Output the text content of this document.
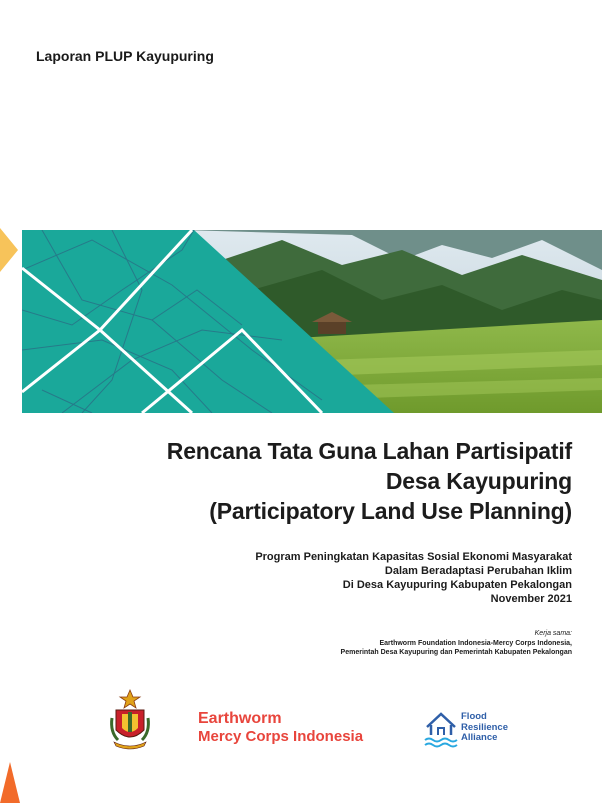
Laporan PLUP Kayupuring
Rencana Tata Guna Lahan Partisipatif
Desa Kayupuring
(Participatory Land Use Planning)
Program Peningkatan Kapasitas Sosial Ekonomi Masyarakat
Dalam Beradaptasi Perubahan Iklim
Di Desa Kayupuring Kabupaten Pekalongan
November 2021
Kerja sama:
Earthworm Foundation Indonesia-Mercy Corps Indonesia,
Pemerintah Desa Kayupuring dan Pemerintah Kabupaten Pekalongan
Earthworm
Mercy Corps Indonesia
Flood
Resilience
Alliance
